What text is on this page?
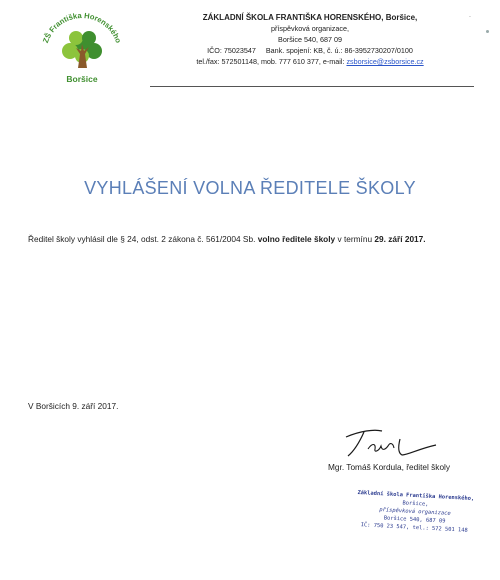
ZŠ Františka Horenského
Boršice
ZÁKLADNÍ ŠKOLA FRANTIŠKA HORENSKÉHO, Boršice,
příspěvková organizace,
Boršice 540, 687 09
IČO: 75023547 Bank. spojení: KB, č. ú.: 86-3952730207/0100
tel./fax: 572501148, mob. 777 610 377, e-mail: zsborsice@zsborsice.cz
.
VYHLÁŠENÍ VOLNA ŘEDITELE ŠKOLY
Ředitel školy vyhlásil dle § 24, odst. 2 zákona č. 561/2004 Sb. volno ředitele školy v termínu 29. září 2017.
V Boršicích 9. září 2017.
Mgr. Tomáš Kordula, ředitel školy
Základní škola Františka Horenského,
Boršice,
příspěvková organizace
Boršice 540, 687 09
IČ: 750 23 547, tel.: 572 501 148
